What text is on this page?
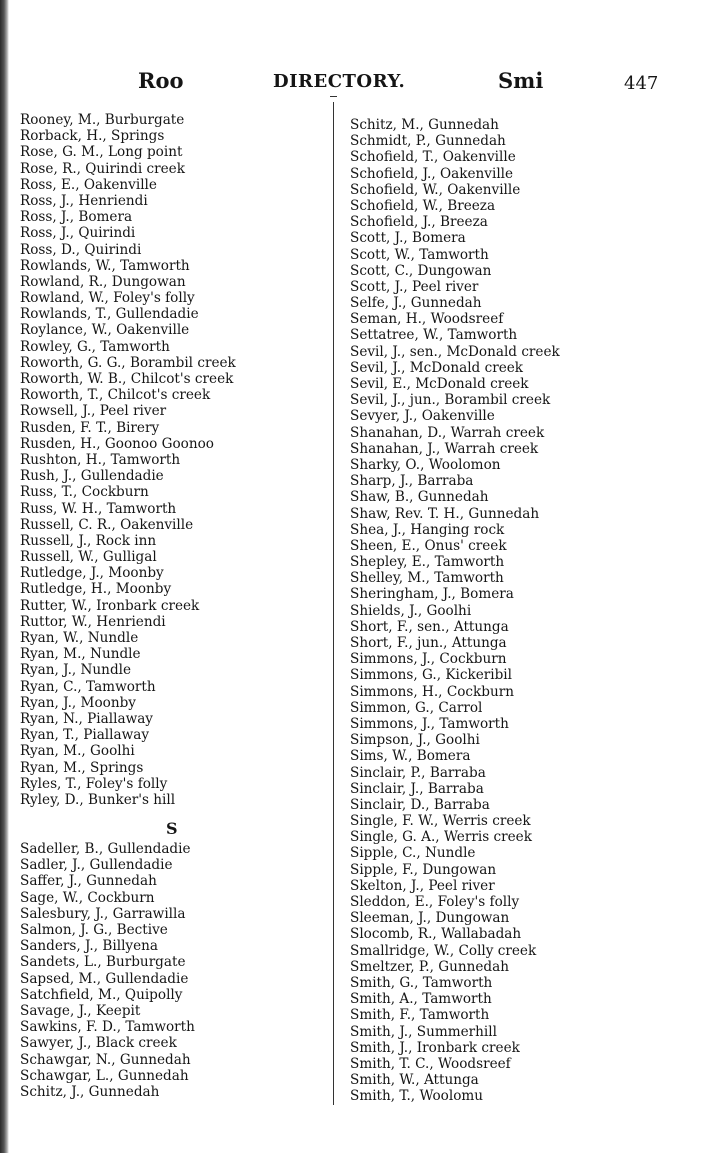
Roo	DIRECTORY.	Smi	447
Rooney, M., Burburgate
Rorback, H., Springs
Rose, G. M., Long point
Rose, R., Quirindi creek
Ross, E., Oakenville
Ross, J., Henriendi
Ross, J., Bomera
Ross, J., Quirindi
Ross, D., Quirindi
Rowlands, W., Tamworth
Rowland, R., Dungowan
Rowland, W., Foley's folly
Rowlands, T., Gullendadie
Roylance, W., Oakenville
Rowley, G., Tamworth
Roworth, G. G., Borambil creek
Roworth, W. B., Chilcot's creek
Roworth, T., Chilcot's creek
Rowsell, J., Peel river
Rusden, F. T., Birery
Rusden, H., Goonoo Goonoo
Rushton, H., Tamworth
Rush, J., Gullendadie
Russ, T., Cockburn
Russ, W. H., Tamworth
Russell, C. R., Oakenville
Russell, J., Rock inn
Russell, W., Gulligal
Rutledge, J., Moonby
Rutledge, H., Moonby
Rutter, W., Ironbark creek
Ruttor, W., Henriendi
Ryan, W., Nundle
Ryan, M., Nundle
Ryan, J., Nundle
Ryan, C., Tamworth
Ryan, J., Moonby
Ryan, N., Piallaway
Ryan, T., Piallaway
Ryan, M., Goolhi
Ryan, M., Springs
Ryles, T., Foley's folly
Ryley, D., Bunker's hill
S
Sadeller, B., Gullendadie
Sadler, J., Gullendadie
Saffer, J., Gunnedah
Sage, W., Cockburn
Salesbury, J., Garrawilla
Salmon, J. G., Bective
Sanders, J., Billyena
Sandets, L., Burburgate
Sapsed, M., Gullendadie
Satchfield, M., Quipolly
Savage, J., Keepit
Sawkins, F. D., Tamworth
Sawyer, J., Black creek
Schawgar, N., Gunnedah
Schawgar, L., Gunnedah
Schitz, J., Gunnedah
Schitz, M., Gunnedah
Schmidt, P., Gunnedah
Schofield, T., Oakenville
Schofield, J., Oakenville
Schofield, W., Oakenville
Schofield, W., Breeza
Schofield, J., Breeza
Scott, J., Bomera
Scott, W., Tamworth
Scott, C., Dungowan
Scott, J., Peel river
Selfe, J., Gunnedah
Seman, H., Woodsreef
Settatree, W., Tamworth
Sevil, J., sen., McDonald creek
Sevil, J., McDonald creek
Sevil, E., McDonald creek
Sevil, J., jun., Borambil creek
Sevyer, J., Oakenville
Shanahan, D., Warrah creek
Shanahan, J., Warrah creek
Sharky, O., Woolomon
Sharp, J., Barraba
Shaw, B., Gunnedah
Shaw, Rev. T. H., Gunnedah
Shea, J., Hanging rock
Sheen, E., Onus' creek
Shepley, E., Tamworth
Shelley, M., Tamworth
Sheringham, J., Bomera
Shields, J., Goolhi
Short, F., sen., Attunga
Short, F., jun., Attunga
Simmons, J., Cockburn
Simmons, G., Kickeribil
Simmons, H., Cockburn
Simmon, G., Carrol
Simmons, J., Tamworth
Simpson, J., Goolhi
Sims, W., Bomera
Sinclair, P., Barraba
Sinclair, J., Barraba
Sinclair, D., Barraba
Single, F. W., Werris creek
Single, G. A., Werris creek
Sipple, C., Nundle
Sipple, F., Dungowan
Skelton, J., Peel river
Sleddon, E., Foley's folly
Sleeman, J., Dungowan
Slocomb, R., Wallabadah
Smallridge, W., Colly creek
Smeltzer, P., Gunnedah
Smith, G., Tamworth
Smith, A., Tamworth
Smith, F., Tamworth
Smith, J., Summerhill
Smith, J., Ironbark creek
Smith, T. C., Woodsreef
Smith, W., Attunga
Smith, T., Woolomu
